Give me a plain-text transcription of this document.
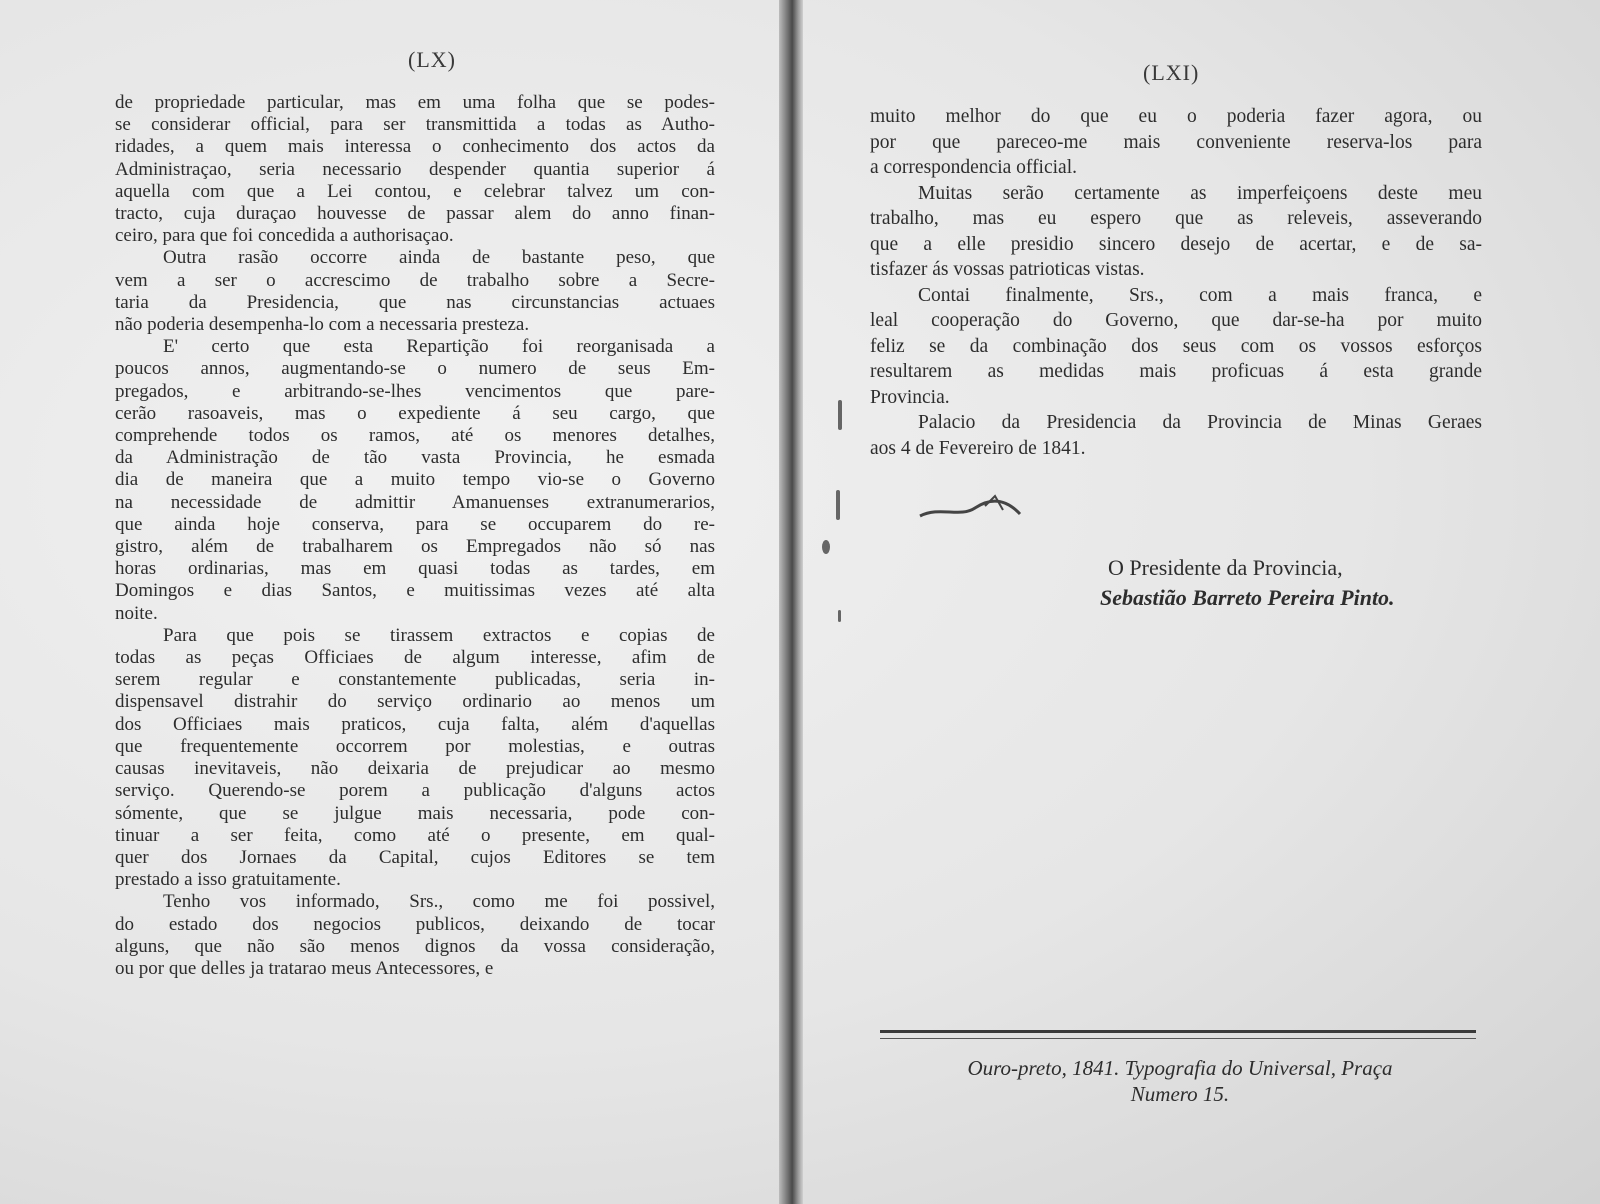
(LX)
de propriedade particular, mas em uma folha que se podes-
se considerar official, para ser transmittida a todas as Autho-
ridades, a quem mais interessa o conhecimento dos actos da
Administraçao, seria necessario despender quantia superior á
aquella com que a Lei contou, e celebrar talvez um con-
tracto, cuja duraçao houvesse de passar alem do anno finan-
ceiro, para que foi concedida a authorisaçao.
Outra rasão occorre ainda de bastante peso, que
vem a ser o accrescimo de trabalho sobre a Secre-
taria da Presidencia, que nas circunstancias actuaes
não poderia desempenha-lo com a necessaria presteza.
E' certo que esta Repartição foi reorganisada a
poucos annos, augmentando-se o numero de seus Em-
pregados, e arbitrando-se-lhes vencimentos que pare-
cerão rasoaveis, mas o expediente á seu cargo, que
comprehende todos os ramos, até os menores detalhes,
da Administração de tão vasta Provincia, he esmada
dia de maneira que a muito tempo vio-se o Governo
na necessidade de admittir Amanuenses extranumerarios,
que ainda hoje conserva, para se occuparem do re-
gistro, além de trabalharem os Empregados não só nas
horas ordinarias, mas em quasi todas as tardes, em
Domingos e dias Santos, e muitissimas vezes até alta
noite.
Para que pois se tirassem extractos e copias de
todas as peças Officiaes de algum interesse, afim de
serem regular e constantemente publicadas, seria in-
dispensavel distrahir do serviço ordinario ao menos um
dos Officiaes mais praticos, cuja falta, além d'aquellas
que frequentemente occorrem por molestias, e outras
causas inevitaveis, não deixaria de prejudicar ao mesmo
serviço. Querendo-se porem a publicação d'alguns actos
sómente, que se julgue mais necessaria, pode con-
tinuar a ser feita, como até o presente, em qual-
quer dos Jornaes da Capital, cujos Editores se tem
prestado a isso gratuitamente.
Tenho vos informado, Srs., como me foi possivel,
do estado dos negocios publicos, deixando de tocar
alguns, que não são menos dignos da vossa consideração,
ou por que delles ja tratarao meus Antecessores, e
(LXI)
muito melhor do que eu o poderia fazer agora, ou
por que pareceo-me mais conveniente reserva-los para
a correspondencia official.
Muitas serão certamente as imperfeiçoens deste meu
trabalho, mas eu espero que as releveis, asseverando
que a elle presidio sincero desejo de acertar, e de sa-
tisfazer ás vossas patrioticas vistas.
Contai finalmente, Srs., com a mais franca, e
leal cooperação do Governo, que dar-se-ha por muito
feliz se da combinação dos seus com os vossos esforços
resultarem as medidas mais proficuas á esta grande
Provincia.
Palacio da Presidencia da Provincia de Minas Geraes
aos 4 de Fevereiro de 1841.
O Presidente da Provincia,
Sebastião Barreto Pereira Pinto.
Ouro-preto, 1841. Typografia do Universal, Praça
Numero 15.
